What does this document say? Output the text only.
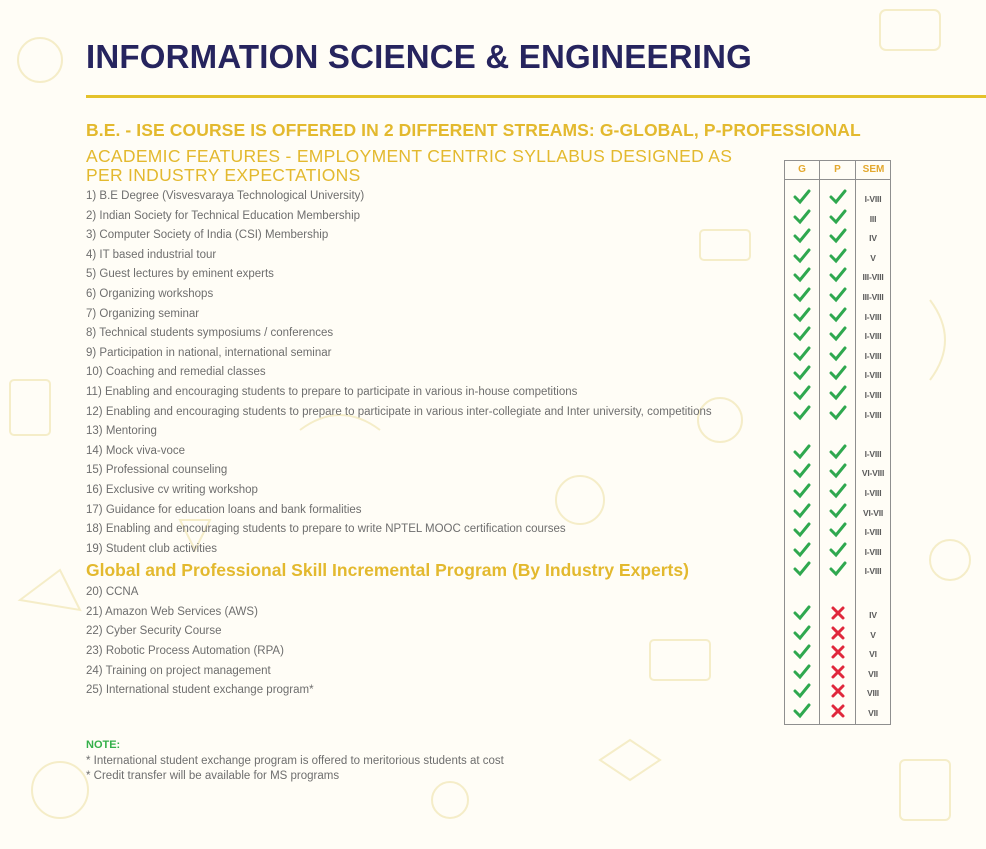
INFORMATION SCIENCE & ENGINEERING
B.E. - ISE COURSE IS OFFERED IN 2 DIFFERENT STREAMS: G-GLOBAL, P-PROFESSIONAL
ACADEMIC FEATURES - EMPLOYMENT CENTRIC SYLLABUS DESIGNED AS PER INDUSTRY EXPECTATIONS
1) B.E Degree (Visvesvaraya Technological University)
2) Indian Society for Technical Education Membership
3) Computer Society of India (CSI) Membership
4) IT based industrial tour
5) Guest lectures by eminent experts
6) Organizing workshops
7) Organizing seminar
8) Technical students symposiums / conferences
9) Participation in national, international seminar
10) Coaching and remedial classes
11) Enabling and encouraging students to prepare to participate in various in-house competitions
12) Enabling and encouraging students to prepare to participate in various inter-collegiate and Inter university, competitions
13) Mentoring
14) Mock viva-voce
15) Professional counseling
16) Exclusive cv writing workshop
17) Guidance for education loans and bank formalities
18) Enabling and encouraging students to prepare to write NPTEL MOOC certification courses
19) Student club activities
Global and Professional Skill Incremental Program (By Industry Experts)
20) CCNA
21) Amazon Web Services (AWS)
22) Cyber Security Course
23) Robotic Process Automation (RPA)
24) Training on project management
25) International student exchange program*
G	P	SEM
I-VIII
III
IV
V
III-VIII
III-VIII
I-VIII
I-VIII
I-VIII
I-VIII
I-VIII
I-VIII
I-VIII
VI-VIII
I-VIII
VI-VII
I-VIII
I-VIII
I-VIII
IV
V
VI
VII
VIII
VII
NOTE:
* International student exchange program is offered to meritorious students at cost
* Credit transfer will be available for MS programs
